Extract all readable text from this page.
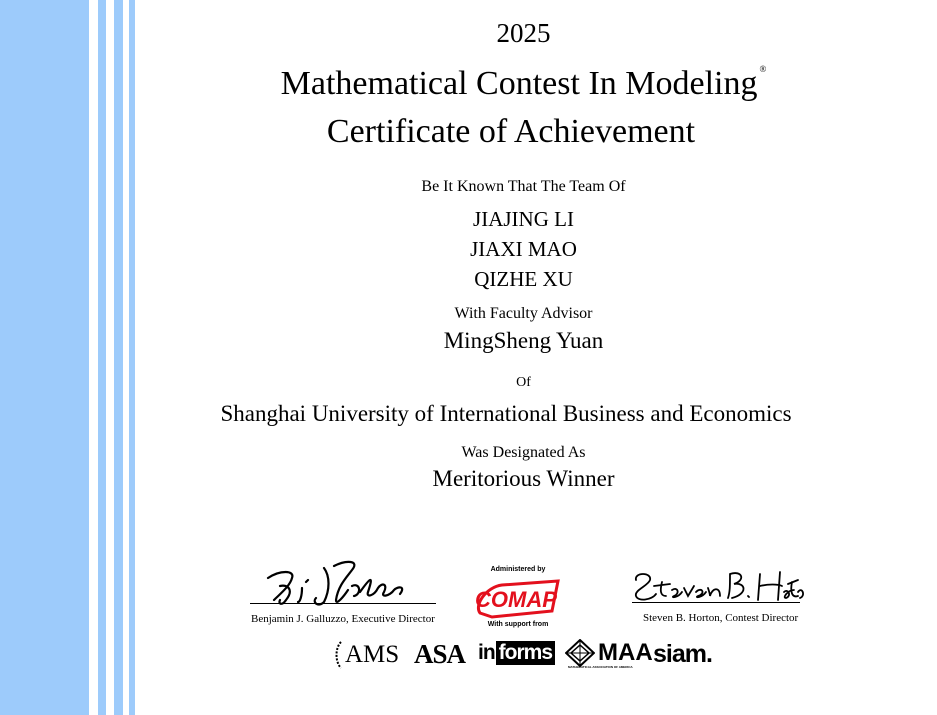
2025
Mathematical Contest In Modeling ®
Certificate of Achievement
Be It Known That The Team Of
JIAJING LI
JIAXI MAO
QIZHE XU
With Faculty Advisor
MingSheng Yuan
Of
Shanghai University of International Business and Economics
Was Designated As
Meritorious Winner
Benjamin J. Galluzzo, Executive Director
Administered by
COMAP
With support from
Steven B. Horton, Contest Director
AMS ASA in forms MAA
MATHEMATICAL ASSOCIATION OF AMERICA siam.
